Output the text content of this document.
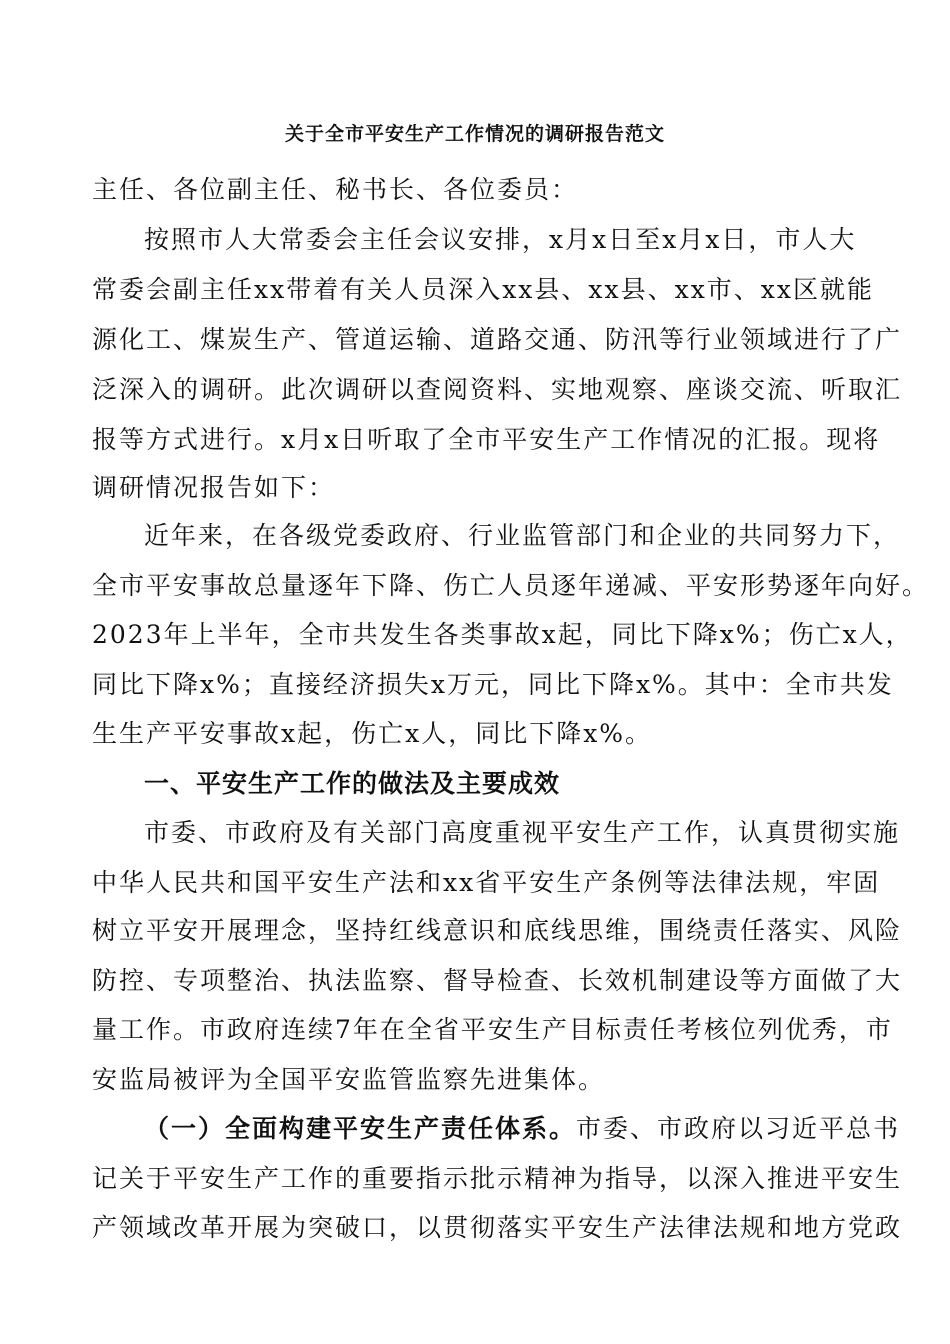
关于全市平安生产工作情况的调研报告范文
主任、各位副主任、秘书长、各位委员：
按照市人大常委会主任会议安排，x月x日至x月x日，市人大
常委会副主任xx带着有关人员深入xx县、xx县、xx市、xx区就能
源化工、煤炭生产、管道运输、道路交通、防汛等行业领域进行了广
泛深入的调研。此次调研以查阅资料、实地观察、座谈交流、听取汇
报等方式进行。x月x日听取了全市平安生产工作情况的汇报。现将
调研情况报告如下：
近年来，在各级党委政府、行业监管部门和企业的共同努力下，
全市平安事故总量逐年下降、伤亡人员逐年递减、平安形势逐年向好。
2023年上半年，全市共发生各类事故x起，同比下降x%；伤亡x人，
同比下降x%；直接经济损失x万元，同比下降x%。其中：全市共发
生生产平安事故x起，伤亡x人，同比下降x%。
一、平安生产工作的做法及主要成效
市委、市政府及有关部门高度重视平安生产工作，认真贯彻实施
中华人民共和国平安生产法和xx省平安生产条例等法律法规，牢固
树立平安开展理念，坚持红线意识和底线思维，围绕责任落实、风险
防控、专项整治、执法监察、督导检查、长效机制建设等方面做了大
量工作。市政府连续7年在全省平安生产目标责任考核位列优秀，市
安监局被评为全国平安监管监察先进集体。
（一）全面构建平安生产责任体系。市委、市政府以习近平总书
记关于平安生产工作的重要指示批示精神为指导，以深入推进平安生
产领域改革开展为突破口，以贯彻落实平安生产法律法规和地方党政
